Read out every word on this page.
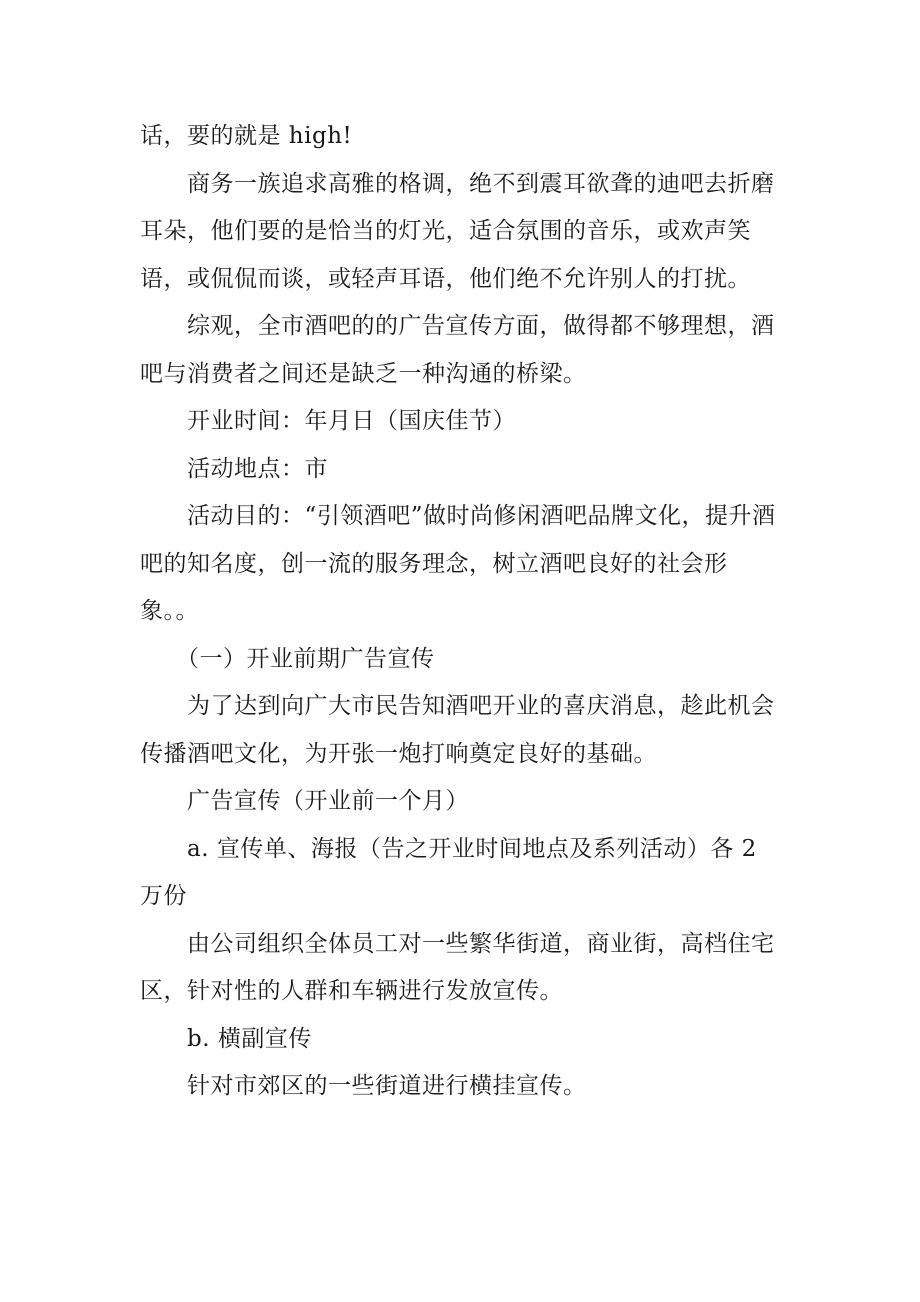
话，要的就是 high!

商务一族追求高雅的格调，绝不到震耳欲聋的迪吧去折磨耳朵，他们要的是恰当的灯光，适合氛围的音乐，或欢声笑语，或侃侃而谈，或轻声耳语，他们绝不允许别人的打扰。

综观，全市酒吧的的广告宣传方面，做得都不够理想，酒吧与消费者之间还是缺乏一种沟通的桥梁。

开业时间：年月日（国庆佳节）

活动地点：市

活动目的：“引领酒吧”做时尚修闲酒吧品牌文化，提升酒吧的知名度，创一流的服务理念，树立酒吧良好的社会形象。。

（一）开业前期广告宣传

为了达到向广大市民告知酒吧开业的喜庆消息，趁此机会传播酒吧文化，为开张一炮打响奠定良好的基础。

广告宣传（开业前一个月）

a. 宣传单、海报（告之开业时间地点及系列活动）各 2 万份

由公司组织全体员工对一些繁华街道，商业街，高档住宅区，针对性的人群和车辆进行发放宣传。

b. 横副宣传

针对市郊区的一些街道进行横挂宣传。
